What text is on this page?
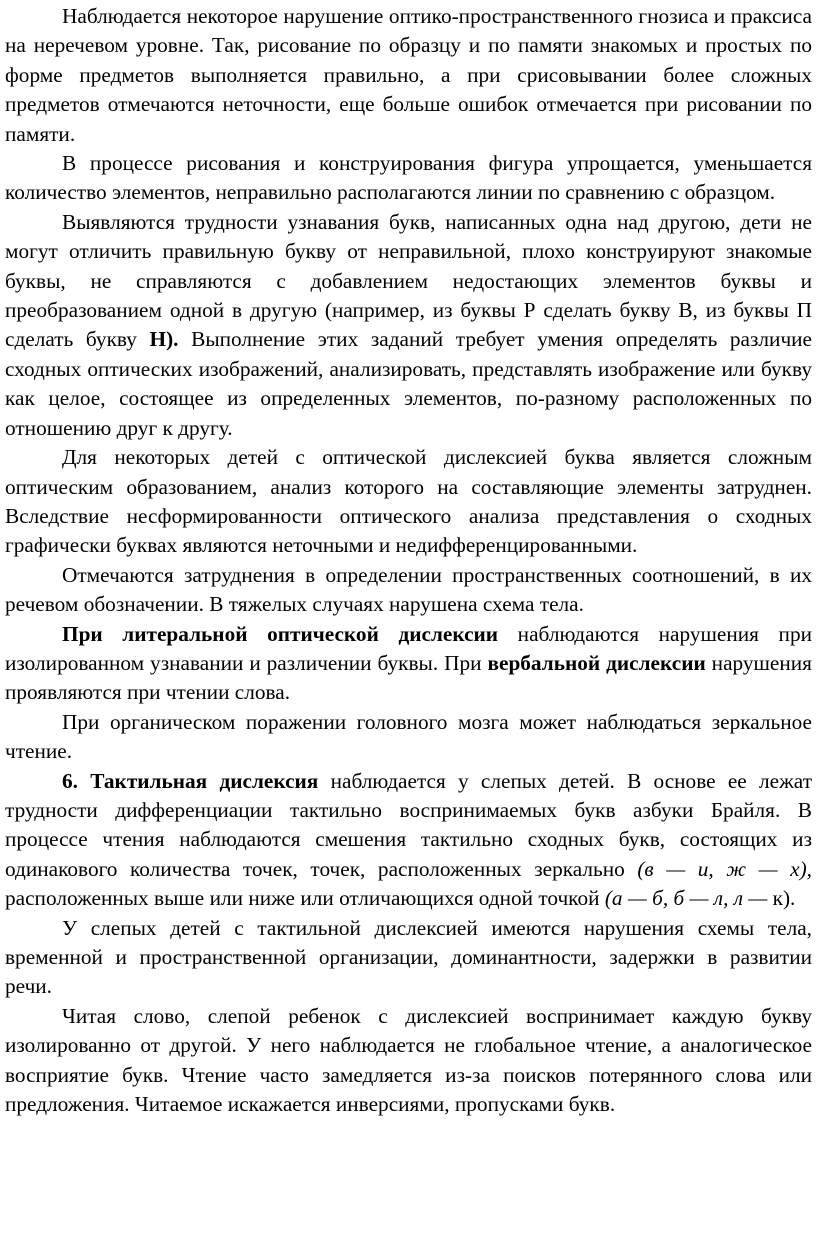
Наблюдается некоторое нарушение оптико-пространственного гнозиса и праксиса на неречевом уровне. Так, рисование по образцу и по памяти знакомых и простых по форме предметов выполняется правильно, а при срисовывании более сложных предметов отмечаются неточности, еще больше ошибок отмечается при рисовании по памяти.

В процессе рисования и конструирования фигура упрощается, уменьшается количество элементов, неправильно располагаются линии по сравнению с образцом.

Выявляются трудности узнавания букв, написанных одна над другою, дети не могут отличить правильную букву от неправильной, плохо конструируют знакомые буквы, не справляются с добавлением недостающих элементов буквы и преобразованием одной в другую (например, из буквы Р сделать букву В, из буквы П сделать букву Н). Выполнение этих заданий требует умения определять различие сходных оптических изображений, анализировать, представлять изображение или букву как целое, состоящее из определенных элементов, по-разному расположенных по отношению друг к другу.

Для некоторых детей с оптической дислексией буква является сложным оптическим образованием, анализ которого на составляющие элементы затруднен. Вследствие несформированности оптического анализа представления о сходных графически буквах являются неточными и недифференцированными.

Отмечаются затруднения в определении пространственных соотношений, в их речевом обозначении. В тяжелых случаях нарушена схема тела.

При литеральной оптической дислексии наблюдаются нарушения при изолированном узнавании и различении буквы. При вербальной дислексии нарушения проявляются при чтении слова.

При органическом поражении головного мозга может наблюдаться зеркальное чтение.

6. Тактильная дислексия наблюдается у слепых детей. В основе ее лежат трудности дифференциации тактильно воспринимаемых букв азбуки Брайля. В процессе чтения наблюдаются смешения тактильно сходных букв, состоящих из одинакового количества точек, точек, расположенных зеркально (в — и, ж — х), расположенных выше или ниже или отличающихся одной точкой (а — б, б — л, л — к).

У слепых детей с тактильной дислексией имеются нарушения схемы тела, временной и пространственной организации, доминантности, задержки в развитии речи.

Читая слово, слепой ребенок с дислексией воспринимает каждую букву изолированно от другой. У него наблюдается не глобальное чтение, а аналогическое восприятие букв. Чтение часто замедляется из-за поисков потерянного слова или предложения. Читаемое искажается инверсиями, пропусками букв.
